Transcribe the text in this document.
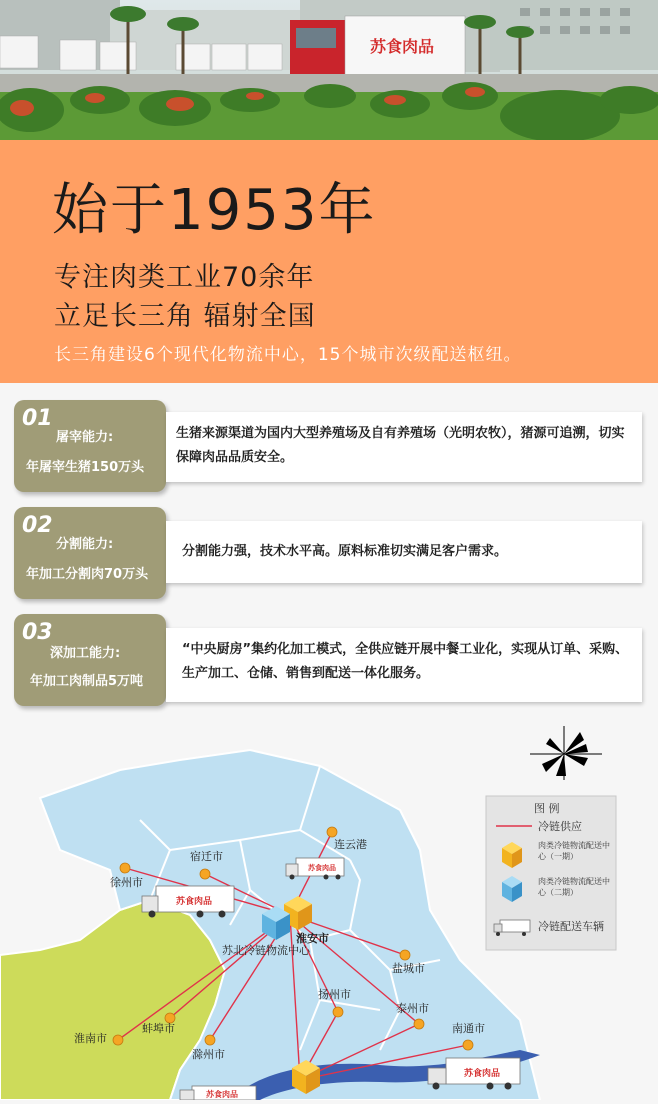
苏食肉品
始于1953年
专注肉类工业70余年
立足长三角 辐射全国
长三角建设6个现代化物流中心，15个城市次级配送枢纽。
01
屠宰能力:
年屠宰生猪150万头
生猪来源渠道为国内大型养殖场及自有养殖场（光明农牧），猪源可追溯，切实保障肉品品质安全。
02
分割能力:
年加工分割肉70万头
分割能力强，技术水平高。原料标准切实满足客户需求。
03
深加工能力:
年加工肉制品5万吨
“中央厨房”集约化加工模式，全供应链开展中餐工业化，实现从订单、采购、生产加工、仓储、销售到配送一体化服务。
连云港
宿迁市
徐州市
淮安市
苏北冷链物流中心
盐城市
扬州市
泰州市
南通市
蚌埠市
淮南市
滁州市
苏食肉品
苏食肉品
苏食肉品
苏食肉品
图 例
冷链供应
肉类冷链物流配送中心（一期）
肉类冷链物流配送中心（二期）
冷链配送车辆
